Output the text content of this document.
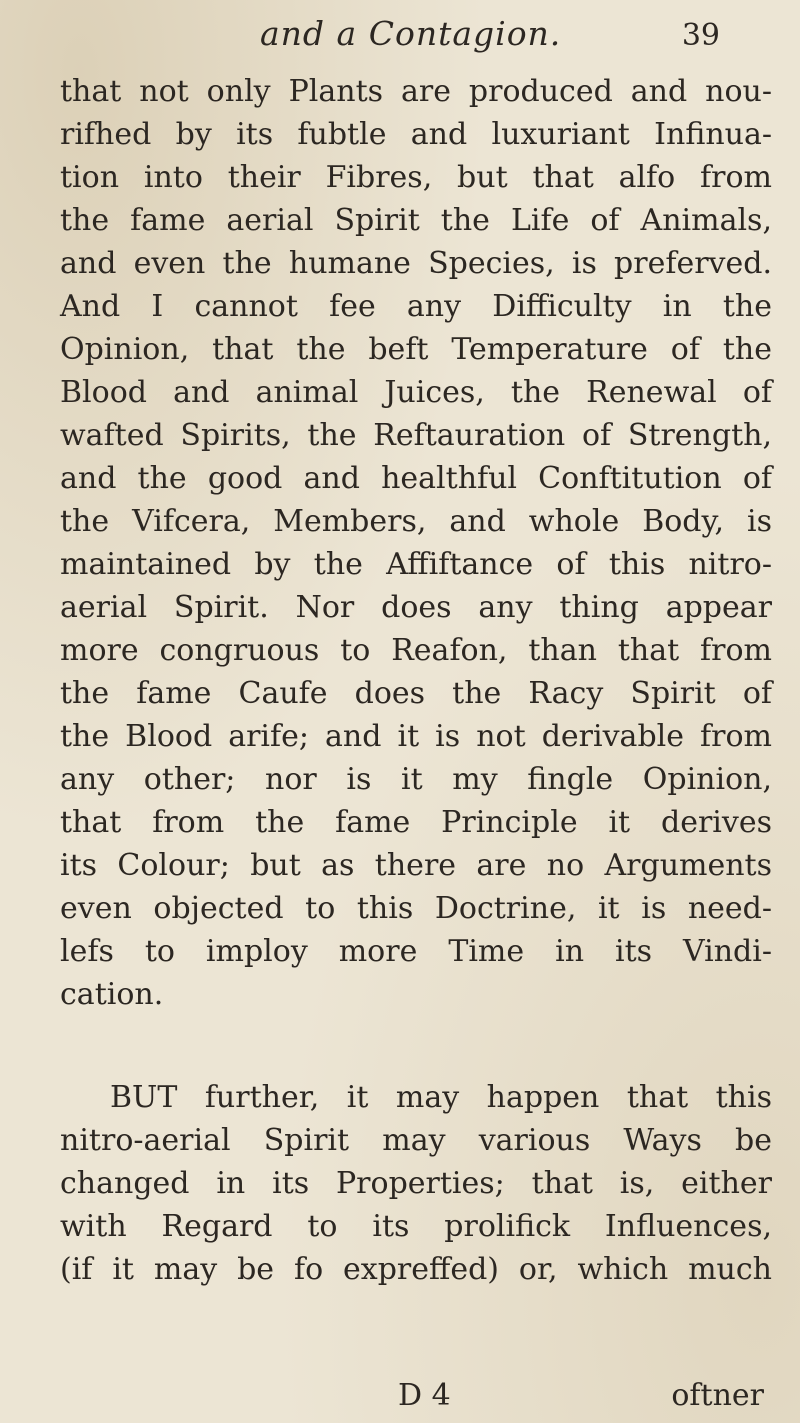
and a Contagion.	39
that not only Plants are produced and nou-
rifhed by its fubtle and luxuriant Infinua-
tion into their Fibres, but that alfo from
the fame aerial Spirit the Life of Animals,
and even the humane Species, is preferved.
And I cannot fee any Difficulty in the
Opinion, that the beft Temperature of the
Blood and animal Juices, the Renewal of
wafted Spirits, the Reftauration of Strength,
and the good and healthful Conftitution of
the Vifcera, Members, and whole Body, is
maintained by the Affiftance of this nitro-
aerial Spirit. Nor does any thing appear
more congruous to Reafon, than that from
the fame Caufe does the Racy Spirit of
the Blood arife; and it is not derivable from
any other; nor is it my fingle Opinion,
that from the fame Principle it derives
its Colour; but as there are no Arguments
even objected to this Doctrine, it is need-
lefs to imploy more Time in its Vindi-
cation.
BUT further, it may happen that this
nitro-aerial Spirit may various Ways be
changed in its Properties; that is, either
with Regard to its prolifick Influences,
(if it may be fo expreffed) or, which much
D 4	oftner
